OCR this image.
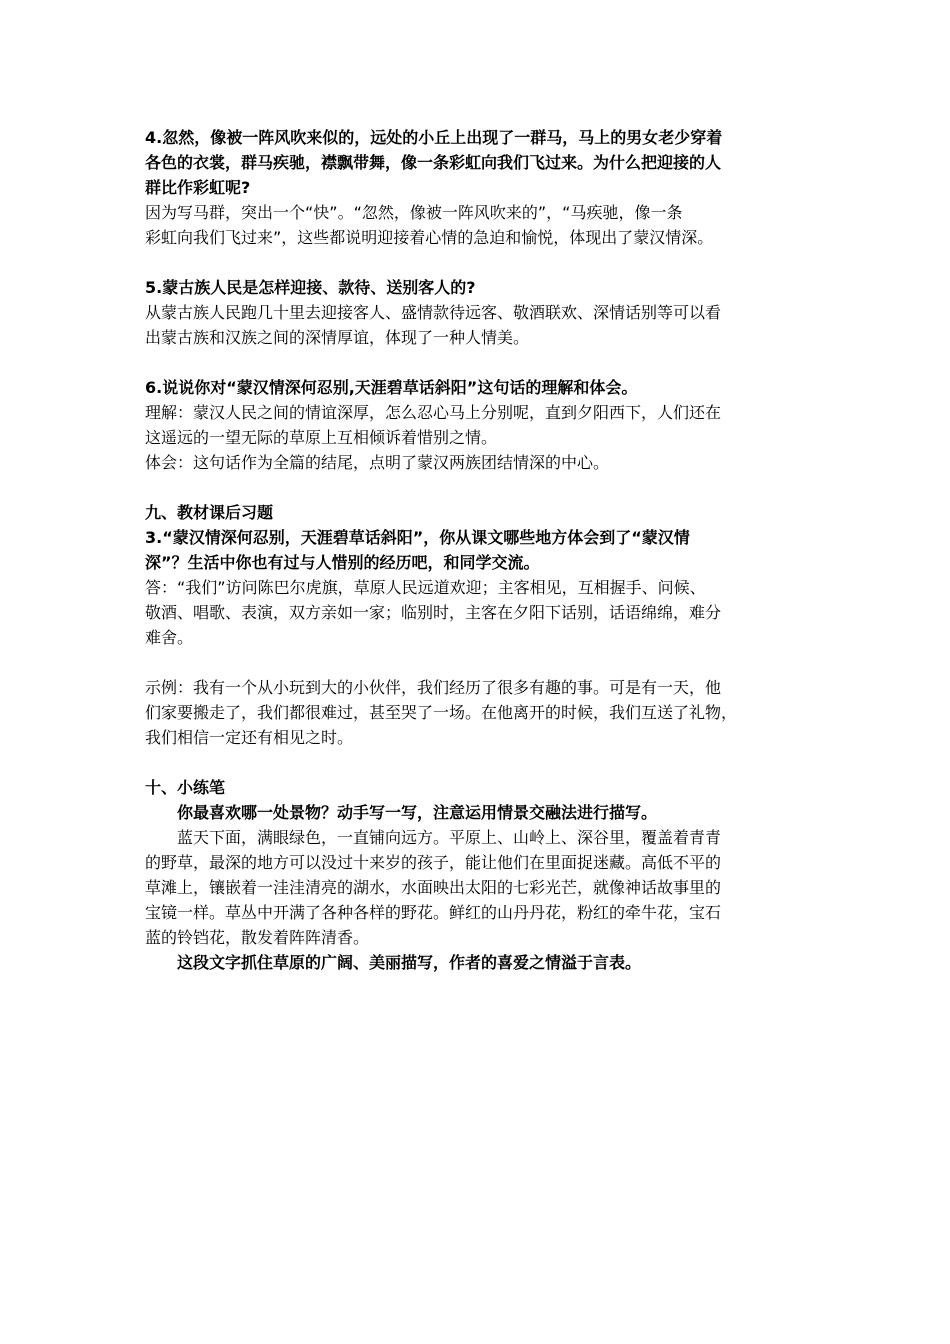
4.忽然，像被一阵风吹来似的，远处的小丘上出现了一群马，马上的男女老少穿着
各色的衣裳，群马疾驰，襟飘带舞，像一条彩虹向我们飞过来。为什么把迎接的人
群比作彩虹呢?
因为写马群，突出一个“快”。“忽然，像被一阵风吹来的”，“马疾驰，像一条
彩虹向我们飞过来”，这些都说明迎接着心情的急迫和愉悦，体现出了蒙汉情深。
5.蒙古族人民是怎样迎接、款待、送别客人的?
从蒙古族人民跑几十里去迎接客人、盛情款待远客、敬酒联欢、深情话别等可以看
出蒙古族和汉族之间的深情厚谊，体现了一种人情美。
6.说说你对“蒙汉情深何忍别,天涯碧草话斜阳”这句话的理解和体会。
理解：蒙汉人民之间的情谊深厚，怎么忍心马上分别呢，直到夕阳西下，人们还在
这遥远的一望无际的草原上互相倾诉着惜别之情。
体会：这句话作为全篇的结尾，点明了蒙汉两族团结情深的中心。
九、教材课后习题
3.“蒙汉情深何忍别，天涯碧草话斜阳”，你从课文哪些地方体会到了“蒙汉情
深”？生活中你也有过与人惜别的经历吧，和同学交流。
答：“我们”访问陈巴尔虎旗，草原人民远道欢迎；主客相见，互相握手、问候、
敬酒、唱歌、表演，双方亲如一家；临别时，主客在夕阳下话别，话语绵绵，难分
难舍。
示例：我有一个从小玩到大的小伙伴，我们经历了很多有趣的事。可是有一天，他
们家要搬走了，我们都很难过，甚至哭了一场。在他离开的时候，我们互送了礼物，
我们相信一定还有相见之时。
十、小练笔
你最喜欢哪一处景物？动手写一写，注意运用情景交融法进行描写。
蓝天下面，满眼绿色，一直铺向远方。平原上、山岭上、深谷里，覆盖着青青
的野草，最深的地方可以没过十来岁的孩子，能让他们在里面捉迷藏。高低不平的
草滩上，镶嵌着一洼洼清亮的湖水，水面映出太阳的七彩光芒，就像神话故事里的
宝镜一样。草丛中开满了各种各样的野花。鲜红的山丹丹花，粉红的牵牛花，宝石
蓝的铃铛花，散发着阵阵清香。
这段文字抓住草原的广阔、美丽描写，作者的喜爱之情溢于言表。
